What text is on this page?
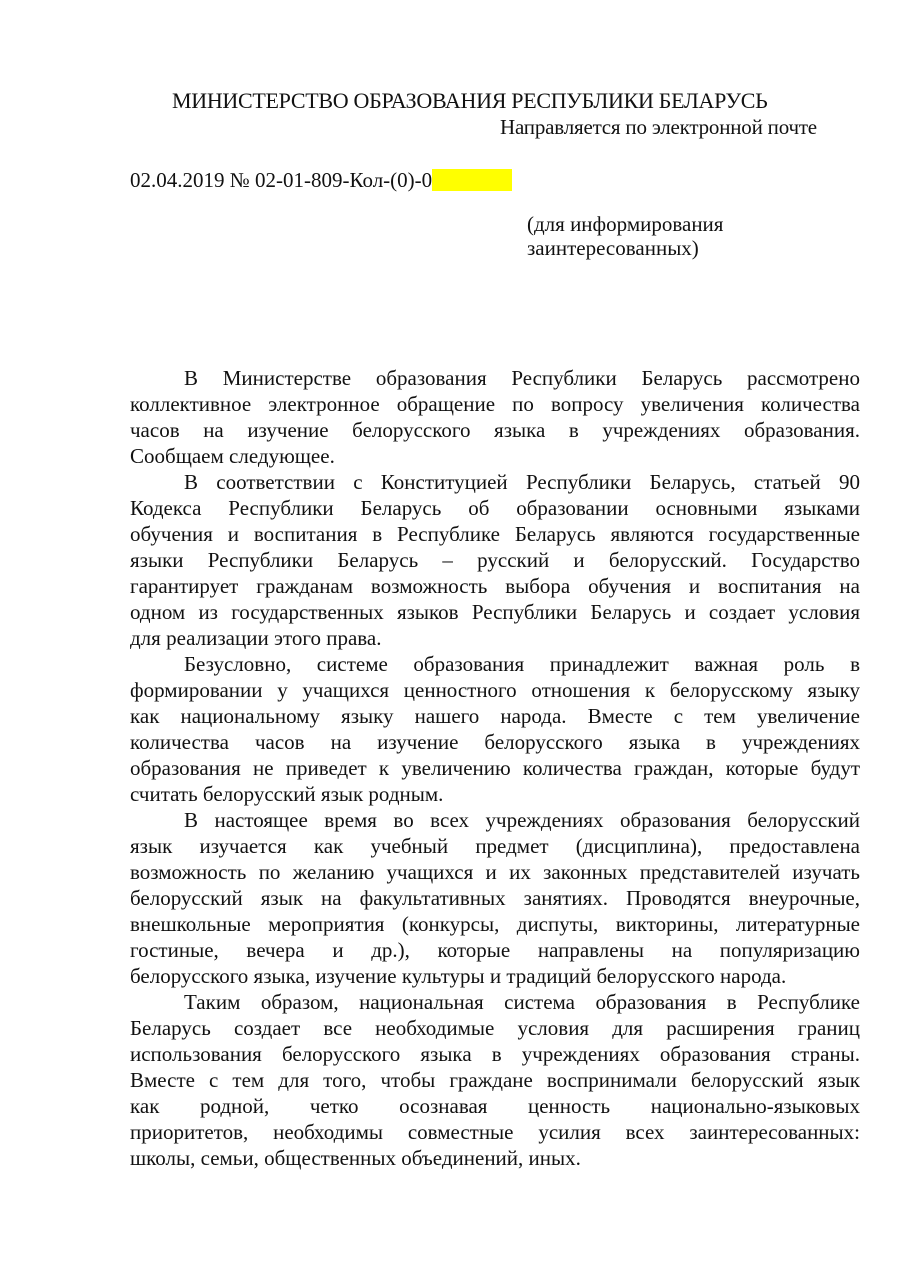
МИНИСТЕРСТВО ОБРАЗОВАНИЯ РЕСПУБЛИКИ БЕЛАРУСЬ
Направляется по электронной почте
02.04.2019 № 02-01-809-Кол-(0)-0
(для информирования
заинтересованных)
В Министерстве образования Республики Беларусь рассмотрено
коллективное электронное обращение по вопросу увеличения количества
часов на изучение белорусского языка в учреждениях образования.
Сообщаем следующее.
В соответствии с Конституцией Республики Беларусь, статьей 90
Кодекса Республики Беларусь об образовании основными языками
обучения и воспитания в Республике Беларусь являются государственные
языки Республики Беларусь – русский и белорусский. Государство
гарантирует гражданам возможность выбора обучения и воспитания на
одном из государственных языков Республики Беларусь и создает условия
для реализации этого права.
Безусловно, системе образования принадлежит важная роль в
формировании у учащихся ценностного отношения к белорусскому языку
как национальному языку нашего народа. Вместе с тем увеличение
количества часов на изучение белорусского языка в учреждениях
образования не приведет к увеличению количества граждан, которые будут
считать белорусский язык родным.
В настоящее время во всех учреждениях образования белорусский
язык изучается как учебный предмет (дисциплина), предоставлена
возможность по желанию учащихся и их законных представителей изучать
белорусский язык на факультативных занятиях. Проводятся внеурочные,
внешкольные мероприятия (конкурсы, диспуты, викторины, литературные
гостиные, вечера и др.), которые направлены на популяризацию
белорусского языка, изучение культуры и традиций белорусского народа.
Таким образом, национальная система образования в Республике
Беларусь создает все необходимые условия для расширения границ
использования белорусского языка в учреждениях образования страны.
Вместе с тем для того, чтобы граждане воспринимали белорусский язык
как родной, четко осознавая ценность национально-языковых
приоритетов, необходимы совместные усилия всех заинтересованных:
школы, семьи, общественных объединений, иных.
